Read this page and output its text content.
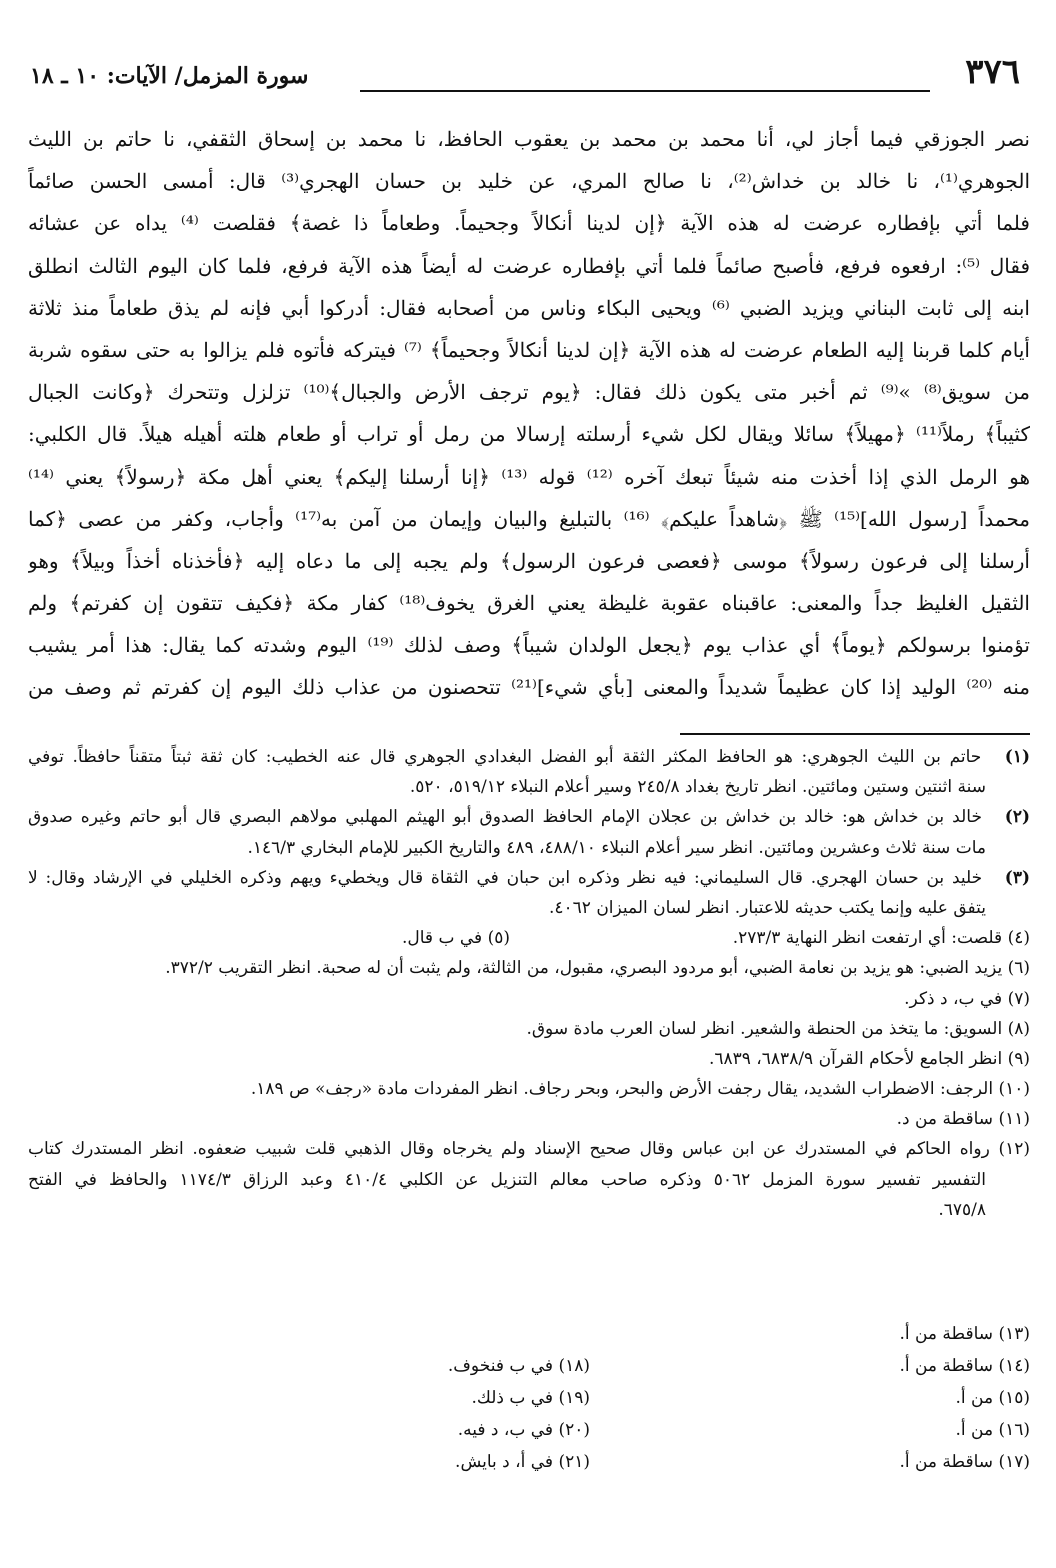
٣٧٦
سورة المزمل/ الآيات: ١٠ ـ ١٨
نصر الجوزقي فيما أجاز لي، أنا محمد بن محمد بن يعقوب الحافظ، نا محمد بن إسحاق الثقفي، نا حاتم بن الليث
الجوهري⁽¹⁾، نا خالد بن خداش⁽²⁾، نا صالح المري، عن خليد بن حسان الهجري⁽³⁾ قال: أمسى الحسن صائماً
فلما أتي بإفطاره عرضت له هذه الآية ﴿إن لدينا أنكالاً وجحيماً. وطعاماً ذا غصة﴾ فقلصت ⁽⁴⁾ يداه عن عشائه
فقال ⁽⁵⁾: ارفعوه فرفع، فأصبح صائماً فلما أتي بإفطاره عرضت له أيضاً هذه الآية فرفع، فلما كان اليوم الثالث انطلق
ابنه إلى ثابت البناني ويزيد الضبي ⁽⁶⁾ ويحيى البكاء وناس من أصحابه فقال: أدركوا أبي فإنه لم يذق طعاماً منذ ثلاثة
أيام كلما قربنا إليه الطعام عرضت له هذه الآية ﴿إن لدينا أنكالاً وجحيماً﴾ ⁽⁷⁾ فيتركه فأتوه فلم يزالوا به حتى سقوه شربة
من سويق⁽⁸⁾ »⁽⁹⁾ ثم أخبر متى يكون ذلك فقال: ﴿يوم ترجف الأرض والجبال﴾⁽¹⁰⁾ تزلزل وتتحرك ﴿وكانت الجبال
كثيباً﴾ رملاً⁽¹¹⁾ ﴿مهيلاً﴾ سائلا ويقال لكل شيء أرسلته إرسالا من رمل أو تراب أو طعام هلته أهيله هيلاً. قال الكلبي:
هو الرمل الذي إذا أخذت منه شيئاً تبعك آخره ⁽¹²⁾ قوله ⁽¹³⁾ ﴿إنا أرسلنا إليكم﴾ يعني أهل مكة ﴿رسولاً﴾ يعني ⁽¹⁴⁾
محمداً [رسول الله]⁽¹⁵⁾ ﷺ ﴿شاهداً عليكم﴾ ⁽¹⁶⁾ بالتبليغ والبيان وإيمان من آمن به⁽¹⁷⁾ وأجاب، وكفر من عصى ﴿كما
أرسلنا إلى فرعون رسولاً﴾ موسى ﴿فعصى فرعون الرسول﴾ ولم يجبه إلى ما دعاه إليه ﴿فأخذناه أخذاً وبيلاً﴾ وهو
الثقيل الغليظ جداً والمعنى: عاقبناه عقوبة غليظة يعني الغرق يخوف⁽¹⁸⁾ كفار مكة ﴿فكيف تتقون إن كفرتم﴾ ولم
تؤمنوا برسولكم ﴿يوماً﴾ أي عذاب يوم ﴿يجعل الولدان شيباً﴾ وصف لذلك ⁽¹⁹⁾ اليوم وشدته كما يقال: هذا أمر يشيب
منه ⁽²⁰⁾ الوليد إذا كان عظيماً شديداً والمعنى [بأي شيء]⁽²¹⁾ تتحصنون من عذاب ذلك اليوم إن كفرتم ثم وصف من
(١) حاتم بن الليث الجوهري: هو الحافظ المكثر الثقة أبو الفضل البغدادي الجوهري قال عنه الخطيب: كان ثقة ثبتاً متقناً حافظاً. توفي
سنة اثنتين وستين ومائتين. انظر تاريخ بغداد ٢٤٥/٨ وسير أعلام النبلاء ٥١٩/١٢، ٥٢٠.
(٢) خالد بن خداش هو: خالد بن خداش بن عجلان الإمام الحافظ الصدوق أبو الهيثم المهلبي مولاهم البصري قال أبو حاتم وغيره صدوق
مات سنة ثلاث وعشرين ومائتين. انظر سير أعلام النبلاء ٤٨٨/١٠، ٤٨٩ والتاريخ الكبير للإمام البخاري ١٤٦/٣.
(٣) خليد بن حسان الهجري. قال السليماني: فيه نظر وذكره ابن حبان في الثقاة قال ويخطيء ويهم وذكره الخليلي في الإرشاد وقال: لا
يتفق عليه وإنما يكتب حديثه للاعتبار. انظر لسان الميزان ٤٠٦٢.
(٤) قلصت: أي ارتفعت انظر النهاية ٢٧٣/٣.
(٥) في ب قال.
(٦) يزيد الضبي: هو يزيد بن نعامة الضبي، أبو مردود البصري، مقبول، من الثالثة، ولم يثبت أن له صحبة. انظر التقريب ٣٧٢/٢.
(٧) في ب، د ذكر.
(٨) السويق: ما يتخذ من الحنطة والشعير. انظر لسان العرب مادة سوق.
(٩) انظر الجامع لأحكام القرآن ٦٨٣٨/٩، ٦٨٣٩.
(١٠) الرجف: الاضطراب الشديد، يقال رجفت الأرض والبحر، وبحر رجاف. انظر المفردات مادة «رجف» ص ١٨٩.
(١١) ساقطة من د.
(١٢) رواه الحاكم في المستدرك عن ابن عباس وقال صحيح الإسناد ولم يخرجاه وقال الذهبي قلت شبيب ضعفوه. انظر المستدرك كتاب
التفسير تفسير سورة المزمل ٥٠٦٢ وذكره صاحب معالم التنزيل عن الكلبي ٤١٠/٤ وعبد الرزاق ١١٧٤/٣ والحافظ في الفتح
٦٧٥/٨.
(١٣) ساقطة من أ.
(١٤) ساقطة من أ.
(١٨) في ب فنخوف.
(١٥) من أ.
(١٩) في ب ذلك.
(١٦) من أ.
(٢٠) في ب، د فيه.
(١٧) ساقطة من أ.
(٢١) في أ، د بايش.
